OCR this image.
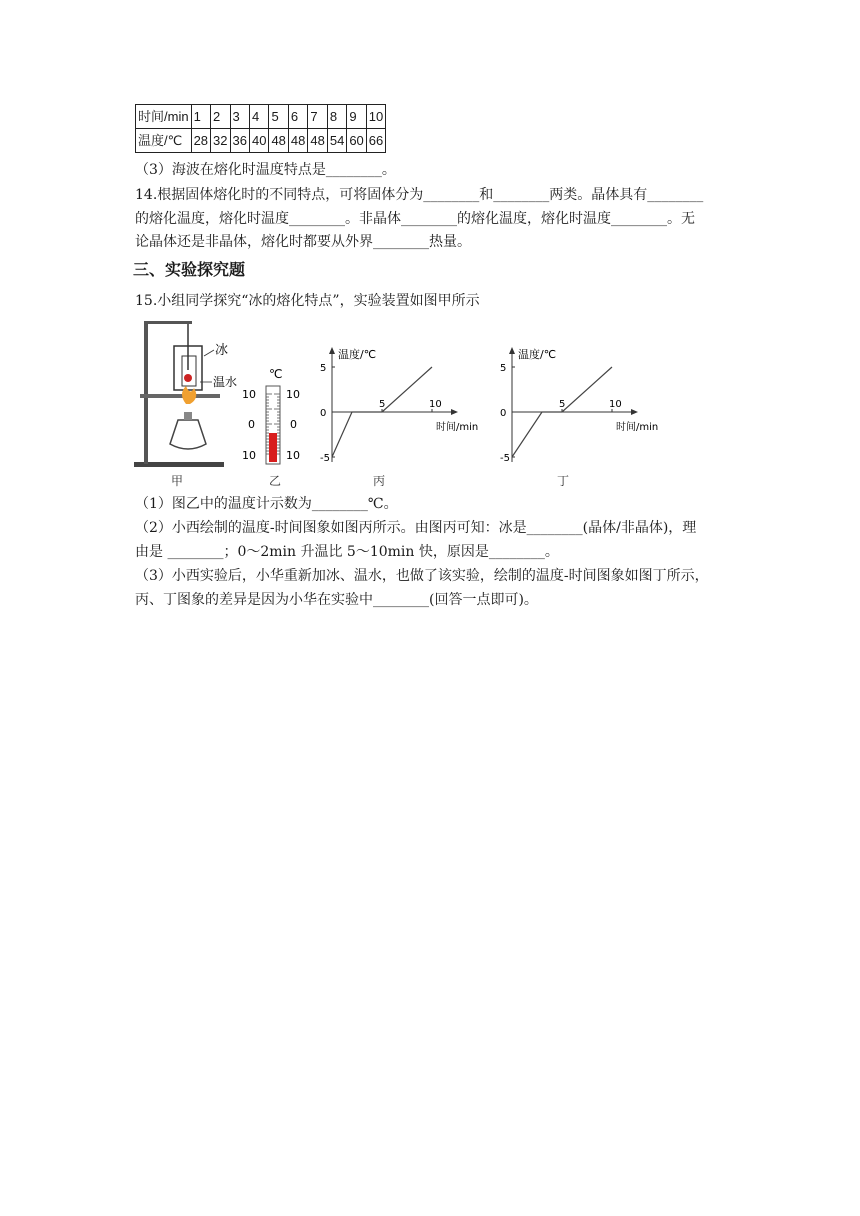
时间/min	1	2	3	4	5	6	7	8	9	10
温度/℃	28	32	36	40	48	48	48	54	60	66
（3）海波在熔化时温度特点是________。
14.根据固体熔化时的不同特点，可将固体分为________和________两类。晶体具有________
的熔化温度，熔化时温度________。非晶体________的熔化温度，熔化时温度________。无
论晶体还是非晶体，熔化时都要从外界________热量。
三、实验探究题
15.小组同学探究“冰的熔化特点”，实验装置如图甲所示
冰
温水
甲
℃
10
0
10
10
0
10
乙
温度/℃
时间/min
5
0
-5
5	10
丙
温度/℃
时间/min
5
0
-5
5	10
丁
（1）图乙中的温度计示数为________℃。
（2）小西绘制的温度-时间图象如图丙所示。由图丙可知：冰是________(晶体/非晶体)，理
由是 ________；0～2min 升温比 5～10min 快，原因是________。
（3）小西实验后，小华重新加冰、温水，也做了该实验，绘制的温度-时间图象如图丁所示，
丙、丁图象的差异是因为小华在实验中________(回答一点即可)。
